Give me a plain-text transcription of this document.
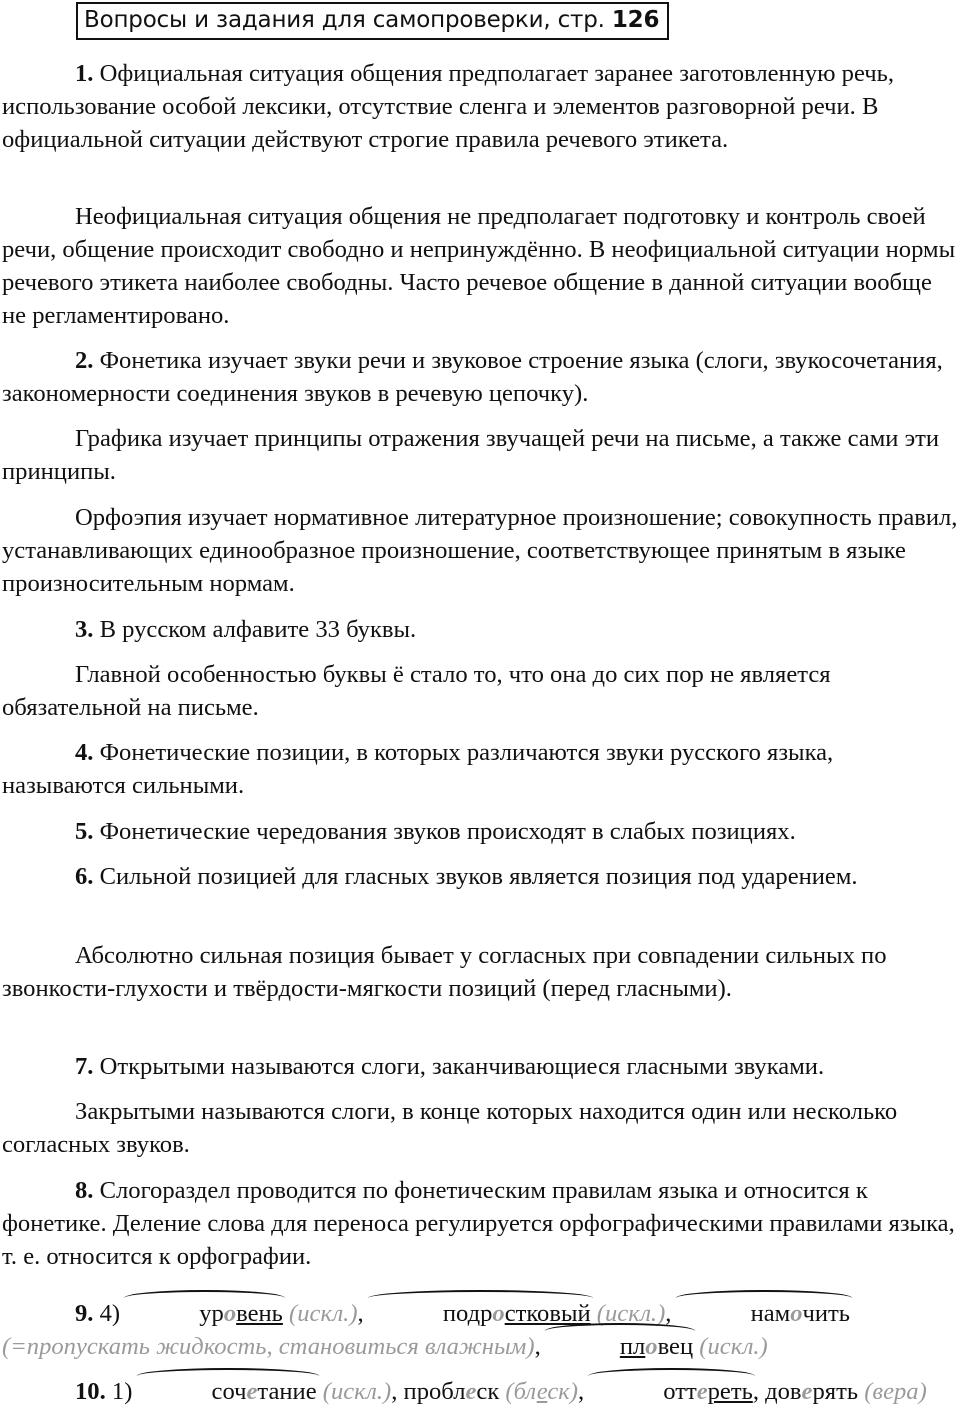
Вопросы и задания для самопроверки, стр. 126

1. Официальная ситуация общения предполагает заранее заготовленную речь, использование особой лексики, отсутствие сленга и элементов разговорной речи. В официальной ситуации действуют строгие правила речевого этикета.

Неофициальная ситуация общения не предполагает подготовку и контроль своей речи, общение происходит свободно и непринуждённо. В неофициальной ситуации нормы речевого этикета наиболее свободны. Часто речевое общение в данной ситуации вообще не регламентировано.

2. Фонетика изучает звуки речи и звуковое строение языка (слоги, звукосочетания, закономерности соединения звуков в речевую цепочку).

Графика изучает принципы отражения звучащей речи на письме, а также сами эти принципы.

Орфоэпия изучает нормативное литературное произношение; совокупность правил, устанавливающих единообразное произношение, соответствующее принятым в языке произносительным нормам.

3. В русском алфавите 33 буквы.

Главной особенностью буквы ё стало то, что она до сих пор не является обязательной на письме.

4. Фонетические позиции, в которых различаются звуки русского языка, называются сильными.

5. Фонетические чередования звуков происходят в слабых позициях.

6. Сильной позицией для гласных звуков является позиция под ударением.

Абсолютно сильная позиция бывает у согласных при совпадении сильных по звонкости-глухости и твёрдости-мягкости позиций (перед гласными).

7. Открытыми называются слоги, заканчивающиеся гласными звуками.

Закрытыми называются слоги, в конце которых находится один или несколько согласных звуков.

8. Слогораздел проводится по фонетическим правилам языка и относится к фонетике. Деление слова для переноса регулируется орфографическими правилами языка, т. е. относится к орфографии.

9. 4)	уровень (искл.),	подростковый (искл.),	намочить (=пропускать жидкость, становиться влажным),	пловец (искл.)

10. 1)	сочетание (искл.), проблеск (блеск),	оттереть, доверять (вера)
